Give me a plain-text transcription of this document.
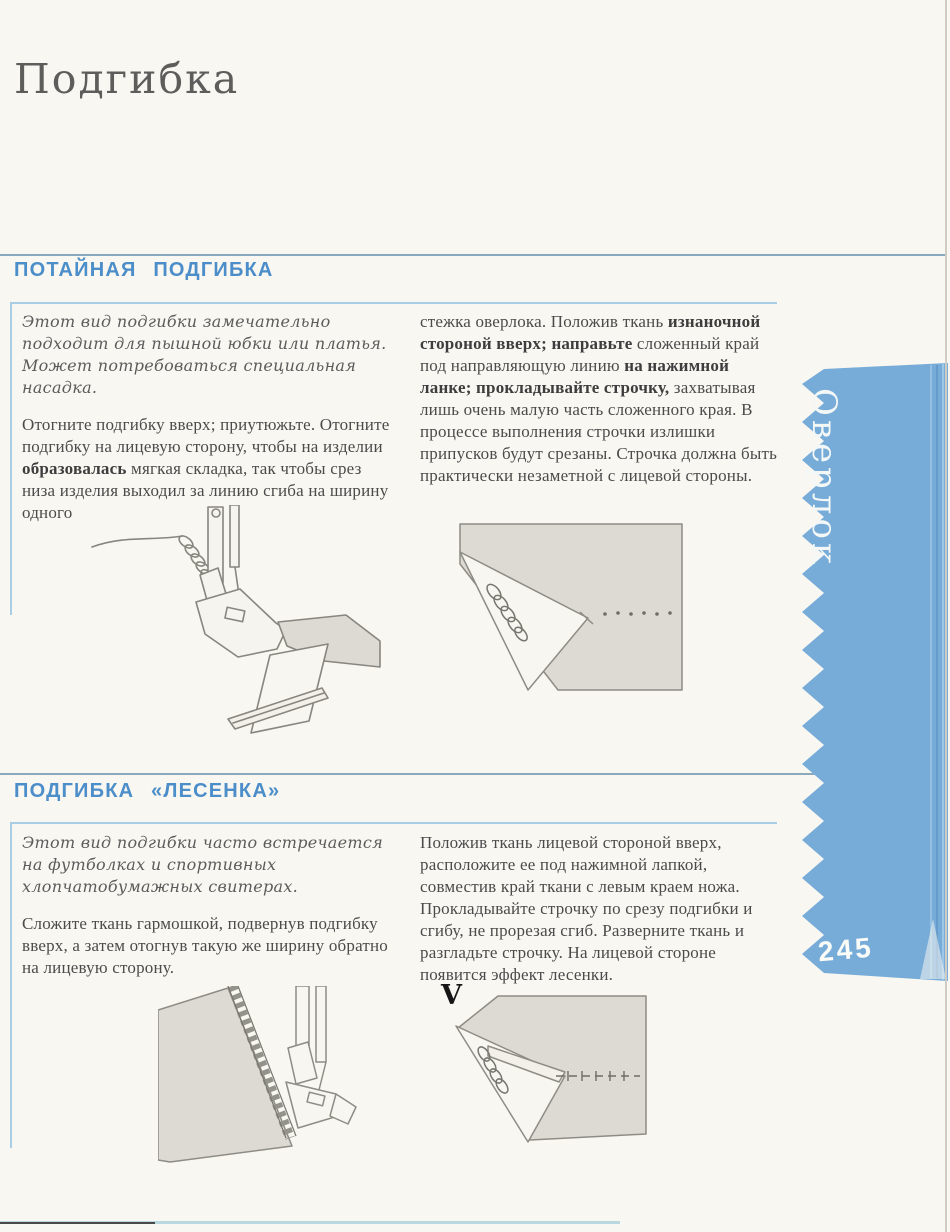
Подгибка
ПОТАЙНАЯ ПОДГИБКА

Этот вид подгибки замечательно подходит для пышной юбки или платья. Может потребоваться специальная насадка.

Отогните подгибку вверх; приутюжьте. Отогните подгибку на лицевую сторону, чтобы на изделии образовалась мягкая складка, так чтобы срез низа изделия выходил за линию сгиба на ширину одного

стежка оверлока. Положив ткань изнаночной стороной вверх; направьте сложенный край под направляющую линию на нажимной ланке; прокладывайте строчку, захватывая лишь очень малую часть сложенного края. В процессе выполнения строчки излишки припусков будут срезаны. Строчка должна быть практически незаметной с лицевой стороны.

ПОДГИБКА «ЛЕСЕНКА»

Этот вид подгибки часто встречается на футболках и спортивных хлопчатобумажных свитерах.

Сложите ткань гармошкой, подвернув подгибку вверх, а затем отогнув такую же ширину обратно на лицевую сторону.

Положив ткань лицевой стороной вверх, расположите ее под нажимной лапкой, совместив край ткани с левым краем ножа. Прокладывайте строчку по срезу подгибки и сгибу, не прорезая сгиб. Разверните ткань и разгладьте строчку. На лицевой стороне появится эффект лесенки.

V
Оверлок
245
